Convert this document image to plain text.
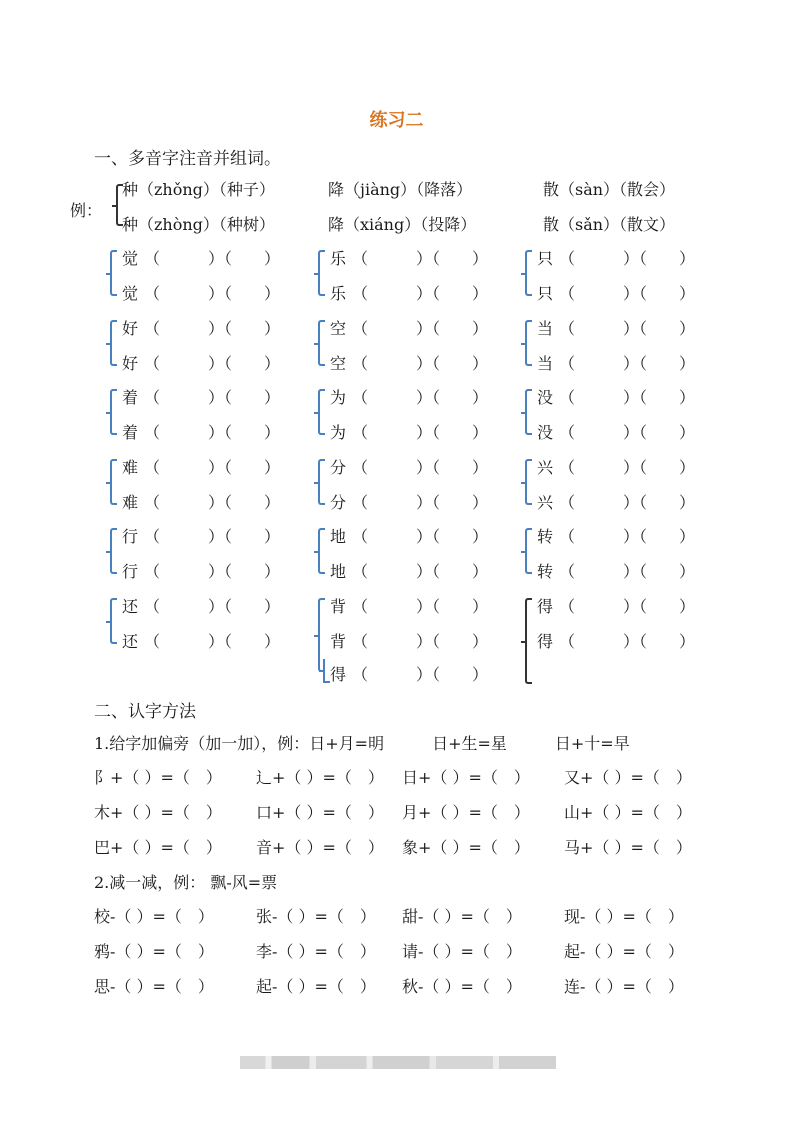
练习二
一、多音字注音并组词。
例：
种（zhǒng）（种子）	降（jiàng）（降落）	散（sàn）（散会）
种（zhòng）（种树）	降（xiáng）（投降）	散（sǎn）（散文）
觉 （　　　）（　　）
觉 （　　　）（　　）
乐 （　　　）（　　）
乐 （　　　）（　　）
只 （　　　）（　　）
只 （　　　）（　　）
好 （　　　）（　　）
好 （　　　）（　　）
空 （　　　）（　　）
空 （　　　）（　　）
当 （　　　）（　　）
当 （　　　）（　　）
着 （　　　）（　　）
着 （　　　）（　　）
为 （　　　）（　　）
为 （　　　）（　　）
没 （　　　）（　　）
没 （　　　）（　　）
难 （　　　）（　　）
难 （　　　）（　　）
分 （　　　）（　　）
分 （　　　）（　　）
兴 （　　　）（　　）
兴 （　　　）（　　）
行 （　　　）（　　）
行 （　　　）（　　）
地 （　　　）（　　）
地 （　　　）（　　）
转 （　　　）（　　）
转 （　　　）（　　）
还 （　　　）（　　）
还 （　　　）（　　）
背 （　　　）（　　）
背 （　　　）（　　）
得 （　　　）（　　）
得 （　　　）（　　）
得 （　　　）（　　）
二、认字方法
1.给字加偏旁（加一加），例：日+月=明　　　日+生=星　　　日+十=早
阝+（ ）=（　） 辶+（ ）=（　） 日+（ ）=（　） 又+（ ）=（　）
木+（ ）=（　） 口+（ ）=（　） 月+（ ）=（　） 山+（ ）=（　）
巴+（ ）=（　） 音+（ ）=（　） 象+（ ）=（　） 马+（ ）=（　）
2.减一减，例： 飘-风=票
校-（ ）=（　）	张-（ ）=（　） 甜-（ ）=（　）	现-（ ）=（　）
鸦-（ ）=（　）	李-（ ）=（　） 请-（ ）=（　）	起-（ ）=（　）
思-（ ）=（　）	起-（ ）=（　） 秋-（ ）=（　）	连-（ ）=（　）
